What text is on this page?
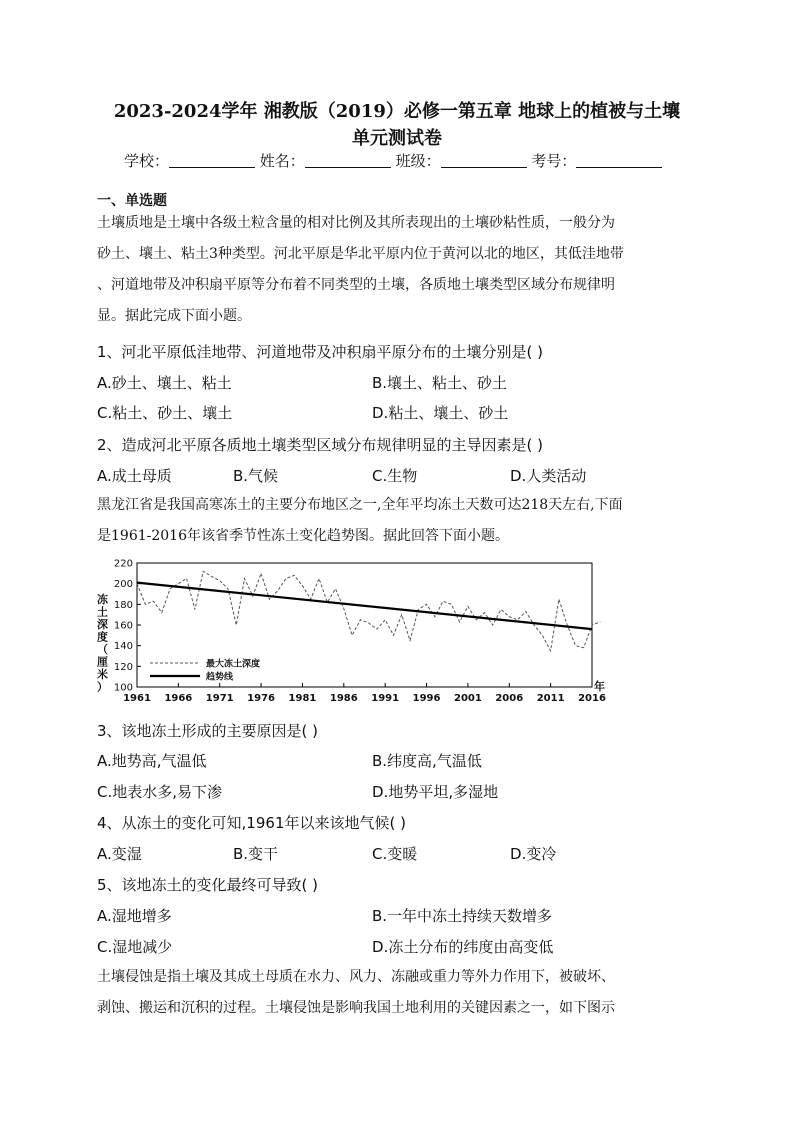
2023-2024学年 湘教版（2019）必修一第五章 地球上的植被与土壤
单元测试卷
学校：	姓名：	班级：	考号：
一、单选题
土壤质地是土壤中各级土粒含量的相对比例及其所表现出的土壤砂粘性质，一般分为
砂土、壤土、粘土3种类型。河北平原是华北平原内位于黄河以北的地区，其低洼地带
、河道地带及冲积扇平原等分布着不同类型的土壤，各质地土壤类型区域分布规律明
显。据此完成下面小题。
1、河北平原低洼地带、河道地带及冲积扇平原分布的土壤分别是( )
A.砂土、壤土、粘土	B.壤土、粘土、砂土
C.粘土、砂土、壤土	D.粘土、壤土、砂土
2、造成河北平原各质地土壤类型区域分布规律明显的主导因素是( )
A.成土母质	B.气候	C.生物	D.人类活动
黑龙江省是我国高寒冻土的主要分布地区之一,全年平均冻土天数可达218天左右,下面
是1961-2016年该省季节性冻土变化趋势图。据此回答下面小题。
100
120
140
160
180
200
220
1961 1966 1971 1976 1981 1986 1991 1996 2001 2006 2011 2016
年
冻土深度（厘米）
最大冻土深度
趋势线
3、该地冻土形成的主要原因是( )
A.地势高,气温低	B.纬度高,气温低
C.地表水多,易下渗	D.地势平坦,多湿地
4、从冻土的变化可知,1961年以来该地气候( )
A.变湿	B.变干	C.变暖	D.变冷
5、该地冻土的变化最终可导致( )
A.湿地增多	B.一年中冻土持续天数增多
C.湿地减少	D.冻土分布的纬度由高变低
土壤侵蚀是指土壤及其成土母质在水力、风力、冻融或重力等外力作用下，被破坏、
剥蚀、搬运和沉积的过程。土壤侵蚀是影响我国土地利用的关键因素之一，如下图示
